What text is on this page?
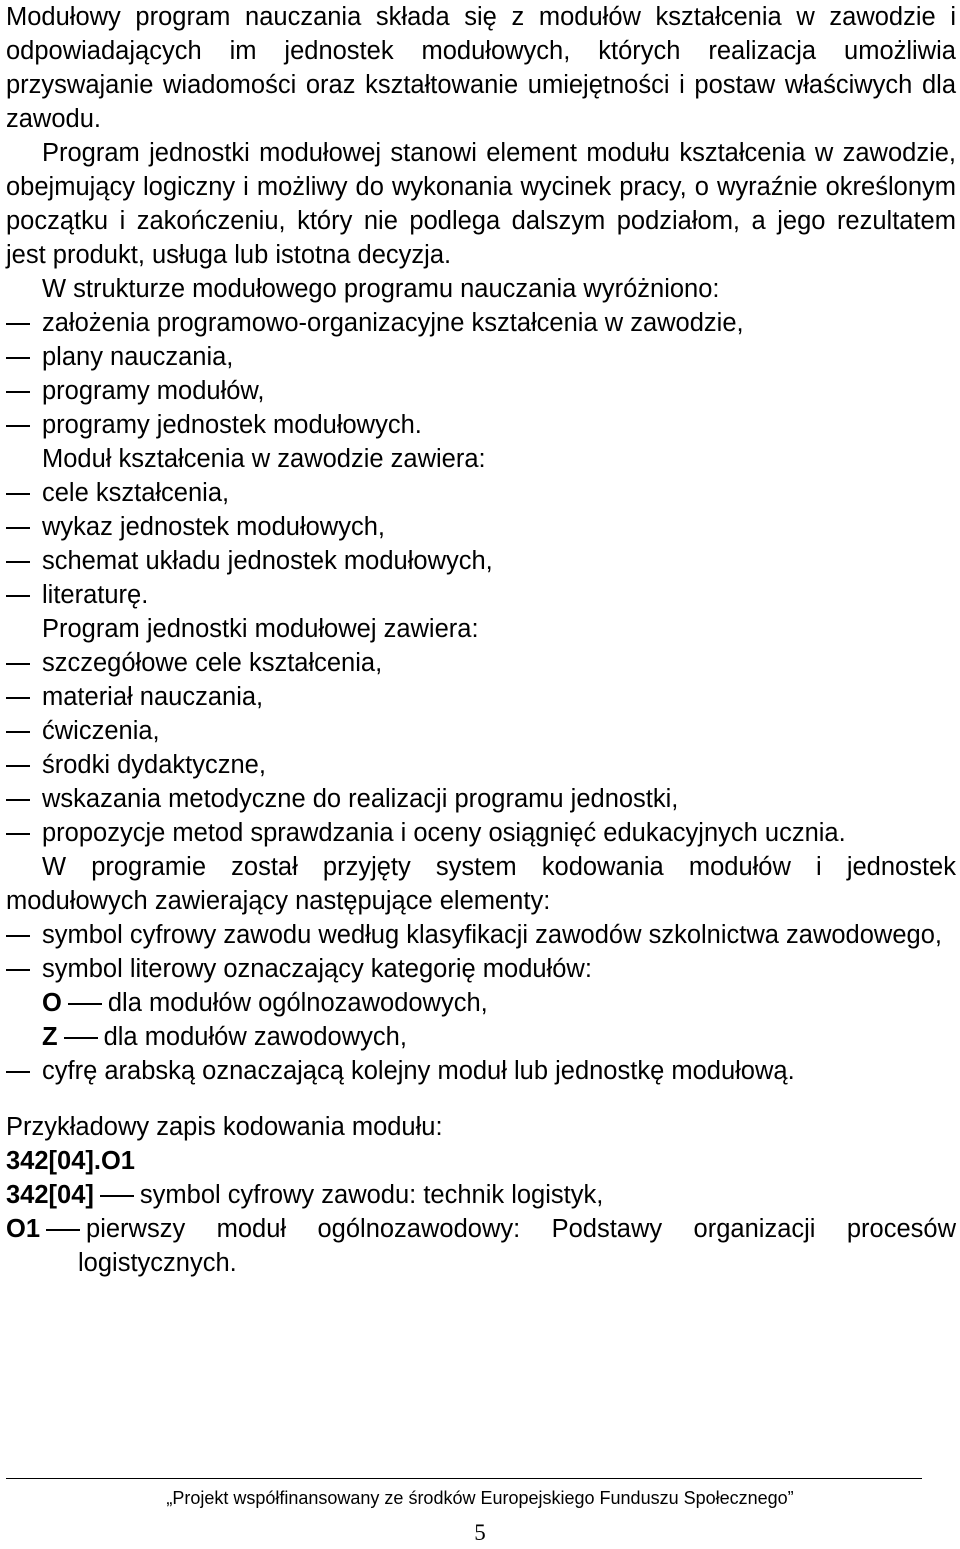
Modułowy program nauczania składa się z modułów kształcenia w zawodzie i odpowiadających im jednostek modułowych, których realizacja umożliwia przyswajanie wiadomości oraz kształtowanie umiejętności i postaw właściwych dla zawodu.
Program jednostki modułowej stanowi element modułu kształcenia w zawodzie, obejmujący logiczny i możliwy do wykonania wycinek pracy, o wyraźnie określonym początku i zakończeniu, który nie podlega dalszym podziałom, a jego rezultatem jest produkt, usługa lub istotna decyzja.
W strukturze modułowego programu nauczania wyróżniono:
założenia programowo-organizacyjne kształcenia w zawodzie,
plany nauczania,
programy modułów,
programy jednostek modułowych.
Moduł kształcenia w zawodzie zawiera:
cele kształcenia,
wykaz jednostek modułowych,
schemat układu jednostek modułowych,
literaturę.
Program jednostki modułowej zawiera:
szczegółowe cele kształcenia,
materiał nauczania,
ćwiczenia,
środki dydaktyczne,
wskazania metodyczne do realizacji programu jednostki,
propozycje metod sprawdzania i oceny osiągnięć edukacyjnych ucznia.
W programie został przyjęty system kodowania modułów i jednostek modułowych zawierający następujące elementy:
symbol cyfrowy zawodu według klasyfikacji zawodów szkolnictwa zawodowego,
symbol literowy oznaczający kategorię modułów:
O dla modułów ogólnozawodowych,
Z dla modułów zawodowych,
cyfrę arabską oznaczającą kolejny moduł lub jednostkę modułową.
Przykładowy zapis kodowania modułu:
342[04].O1
342[04] symbol cyfrowy zawodu: technik logistyk,
O1 pierwszy moduł ogólnozawodowy: Podstawy organizacji procesów logistycznych.
„Projekt współfinansowany ze środków Europejskiego Funduszu Społecznego”
5
